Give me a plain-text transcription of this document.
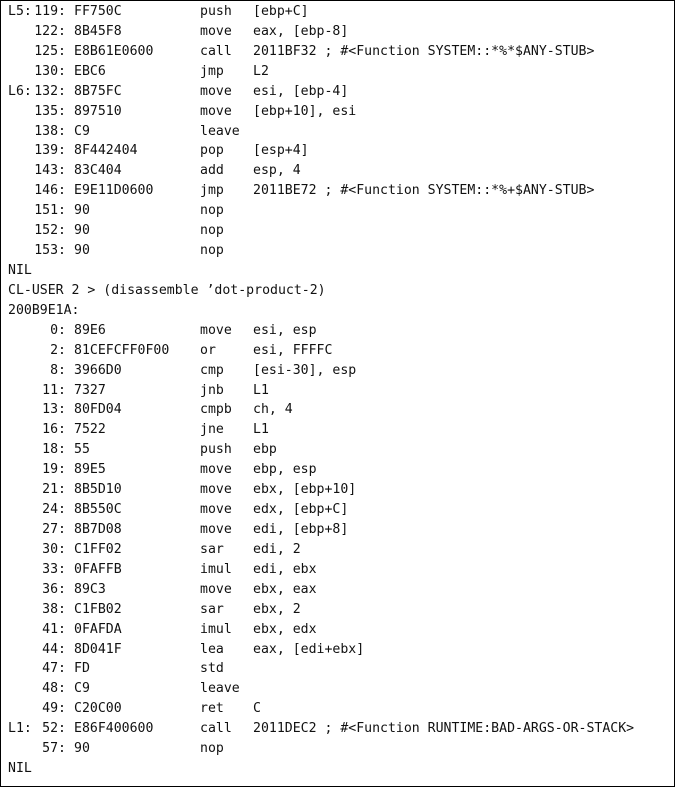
L5: 119: FF750C	push [ebp+C]
122: 8B45F8	move eax, [ebp-8]
125: E8B61E0600	call 2011BF32 ; #<Function SYSTEM::*%*$ANY-STUB>
130: EBC6	jmp L2
L6: 132: 8B75FC	move esi, [ebp-4]
135: 897510	move [ebp+10], esi
138: C9	leave
139: 8F442404	pop [esp+4]
143: 83C404	add esp, 4
146: E9E11D0600	jmp 2011BE72 ; #<Function SYSTEM::*%+$ANY-STUB>
151: 90	nop
152: 90	nop
153: 90	nop
NIL
CL-USER 2 > (disassemble ’dot-product-2)
200B9E1A:
0: 89E6	move esi, esp
2: 81CEFCFF0F00 or	esi, FFFFC
8: 3966D0	cmp [esi-30], esp
11: 7327	jnb L1
13: 80FD04	cmpb ch, 4
16: 7522	jne L1
18: 55	push ebp
19: 89E5	move ebp, esp
21: 8B5D10	move ebx, [ebp+10]
24: 8B550C	move edx, [ebp+C]
27: 8B7D08	move edi, [ebp+8]
30: C1FF02	sar edi, 2
33: 0FAFFB	imul edi, ebx
36: 89C3	move ebx, eax
38: C1FB02	sar ebx, 2
41: 0FAFDA	imul ebx, edx
44: 8D041F	lea eax, [edi+ebx]
47: FD	std
48: C9	leave
49: C20C00	ret C
L1: 52: E86F400600	call 2011DEC2 ; #<Function RUNTIME:BAD-ARGS-OR-STACK>
57: 90	nop
NIL
